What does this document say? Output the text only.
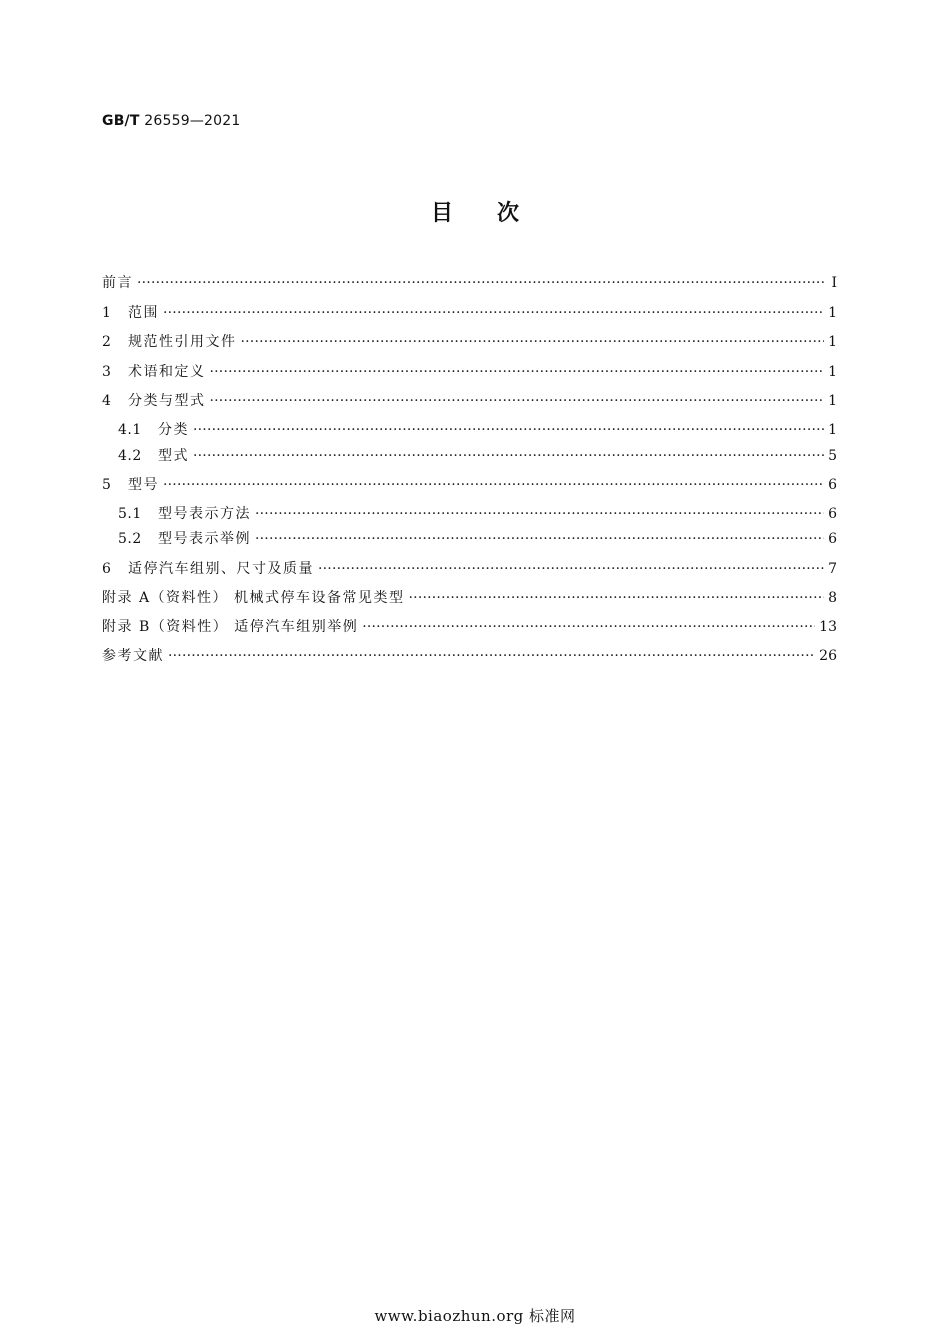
GB/T 26559—2021
目 次
前言 ·····	Ⅰ
1	范围 ·····	1
2	规范性引用文件 ·····	1
3	术语和定义 ·····	1
4	分类与型式 ·····	1
4.1	分类 ·····	1
4.2	型式 ·····	5
5	型号 ·····	6
5.1	型号表示方法 ·····	6
5.2	型号表示举例 ·····	6
6	适停汽车组别、尺寸及质量 ·····	7
附录 A（资料性） 机械式停车设备常见类型 ·····	8
附录 B（资料性） 适停汽车组别举例 ·····	13
参考文献 ·····	26
www.biaozhun.org 标准网
